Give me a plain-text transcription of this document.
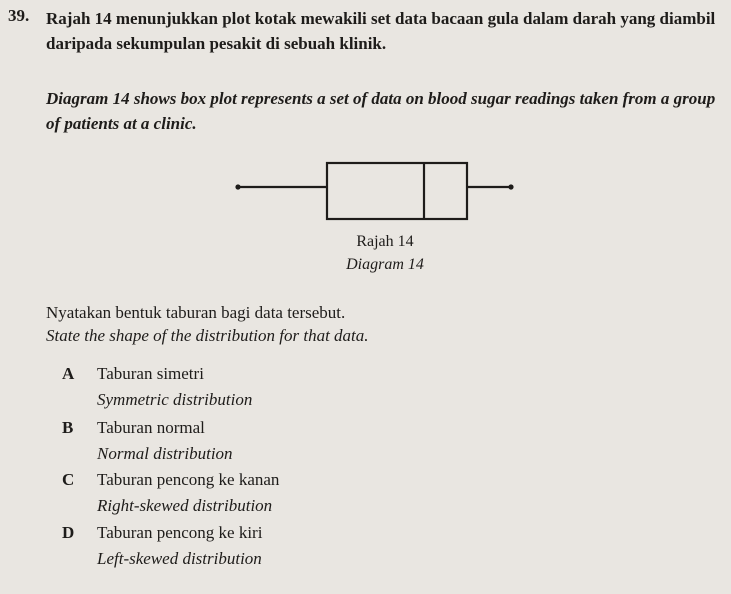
39. Rajah 14 menunjukkan plot kotak mewakili set data bacaan gula dalam darah yang diambil daripada sekumpulan pesakit di sebuah klinik.
Diagram 14 shows box plot represents a set of data on blood sugar readings taken from a group of patients at a clinic.
Rajah 14
Diagram 14
Nyatakan bentuk taburan bagi data tersebut.
State the shape of the distribution for that data.
A Taburan simetri
Symmetric distribution
B Taburan normal
Normal distribution
C Taburan pencong ke kanan
Right-skewed distribution
D Taburan pencong ke kiri
Left-skewed distribution
